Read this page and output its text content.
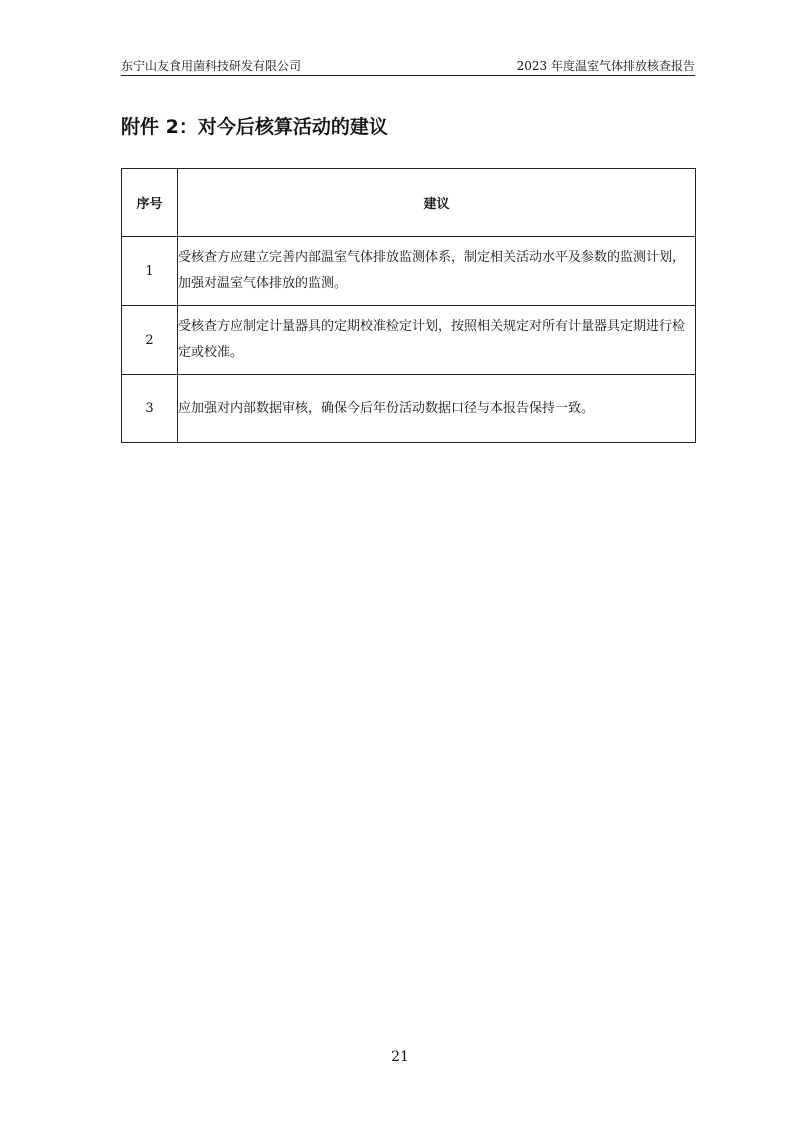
东宁山友食用菌科技研发有限公司	2023 年度温室气体排放核查报告
附件 2：对今后核算活动的建议
序号	建议
1	受核查方应建立完善内部温室气体排放监测体系，制定相关活动水平及参数的监测计划，加强对温室气体排放的监测。
2	受核查方应制定计量器具的定期校准检定计划，按照相关规定对所有计量器具定期进行检定或校准。
3	应加强对内部数据审核，确保今后年份活动数据口径与本报告保持一致。
21
